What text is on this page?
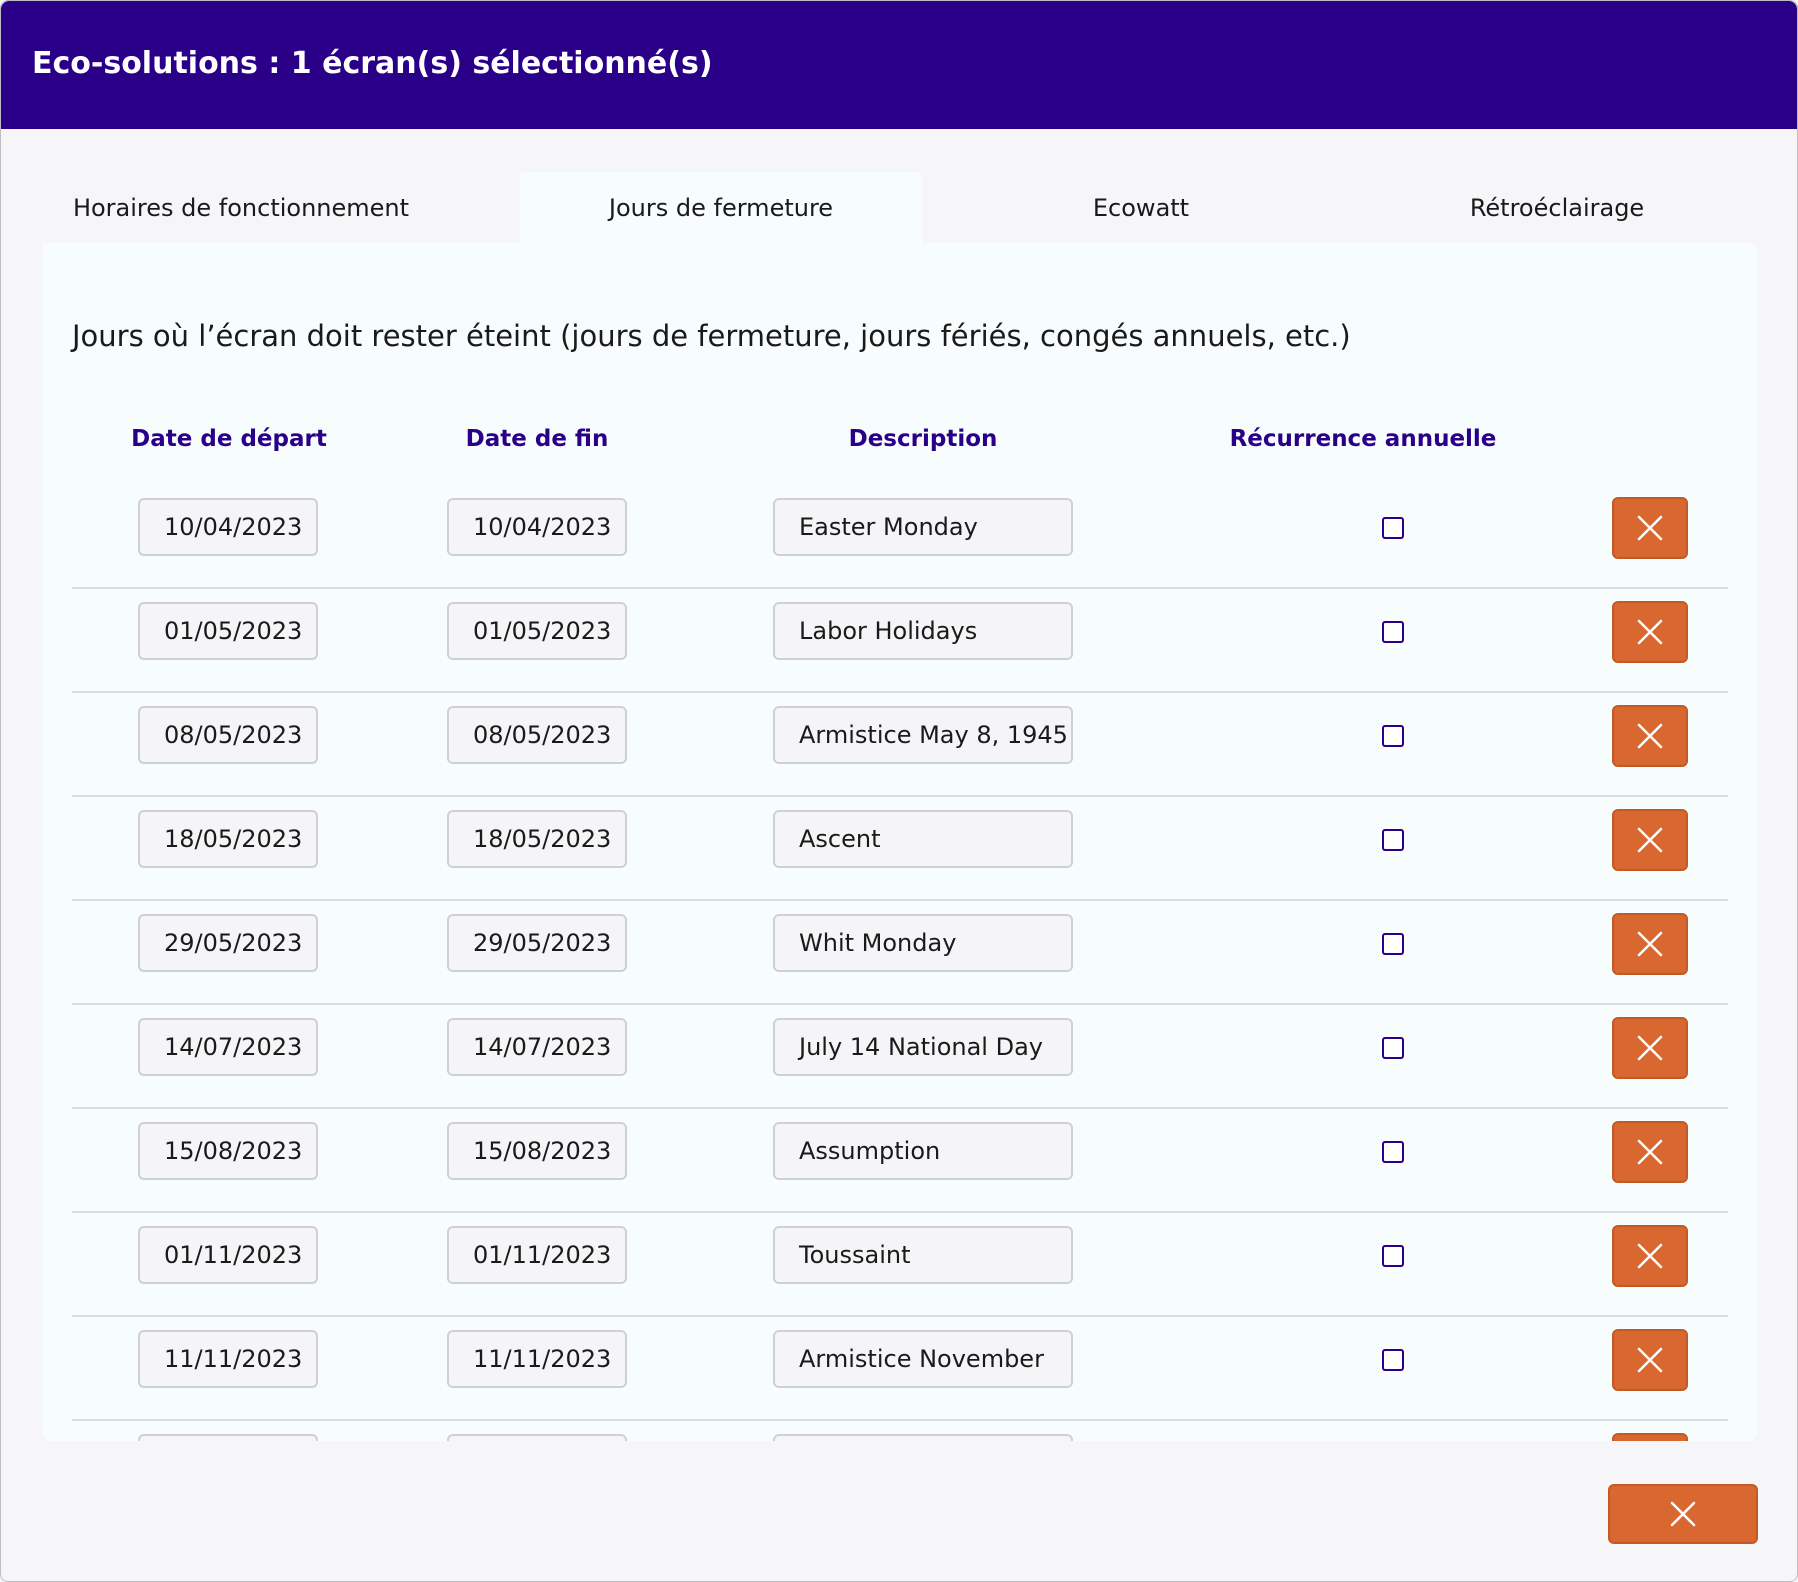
Eco-solutions : 1 écran(s) sélectionné(s)
Horaires de fonctionnement	Jours de fermeture	Ecowatt	Rétroéclairage
Jours où l’écran doit rester éteint (jours de fermeture, jours fériés, congés annuels, etc.)
Date de départ	Date de fin	Description	Récurrence annuelle
10/04/2023	10/04/2023	Easter Monday
01/05/2023	01/05/2023	Labor Holidays
08/05/2023	08/05/2023	Armistice May 8, 1945
18/05/2023	18/05/2023	Ascent
29/05/2023	29/05/2023	Whit Monday
14/07/2023	14/07/2023	July 14 National Day
15/08/2023	15/08/2023	Assumption
01/11/2023	01/11/2023	Toussaint
11/11/2023	11/11/2023	Armistice November
